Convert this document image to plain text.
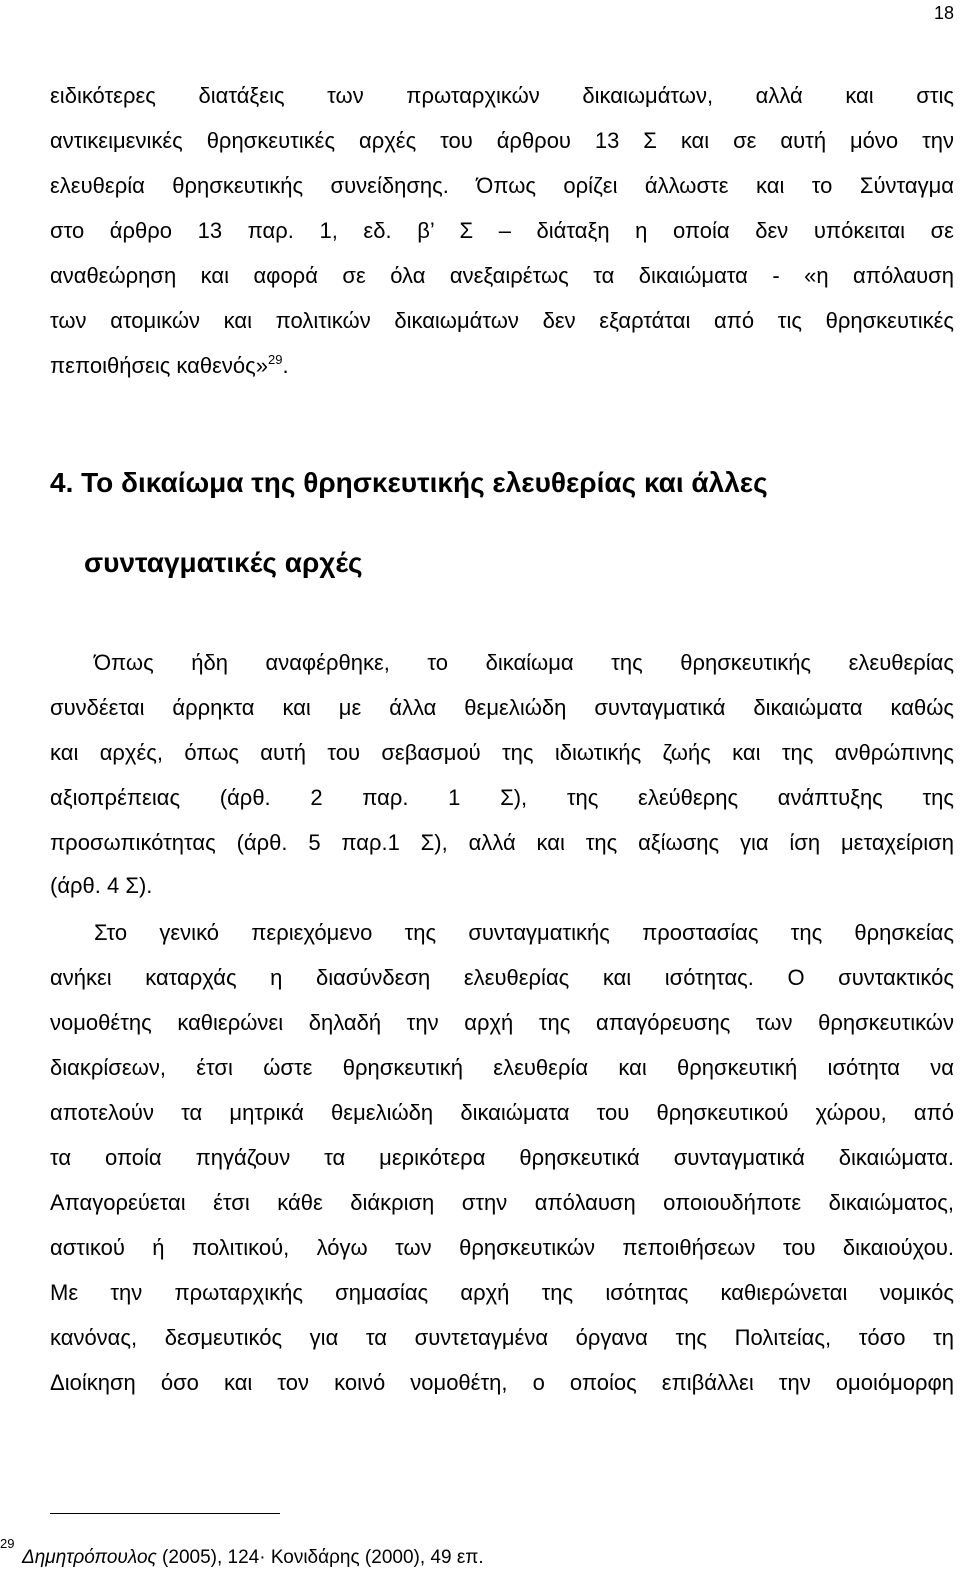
18
ειδικότερες διατάξεις των πρωταρχικών δικαιωμάτων, αλλά και στις
αντικειμενικές θρησκευτικές αρχές του άρθρου 13 Σ και σε αυτή μόνο την
ελευθερία θρησκευτικής συνείδησης. Όπως ορίζει άλλωστε και το Σύνταγμα
στο άρθρο 13 παρ. 1, εδ. β’ Σ – διάταξη η οποία δεν υπόκειται σε
αναθεώρηση και αφορά σε όλα ανεξαιρέτως τα δικαιώματα - «η απόλαυση
των ατομικών και πολιτικών δικαιωμάτων δεν εξαρτάται από τις θρησκευτικές
πεποιθήσεις καθενός»$^{29}$.
4. Το δικαίωμα της θρησκευτικής ελευθερίας και άλλες
συνταγματικές αρχές
Όπως ήδη αναφέρθηκε, το δικαίωμα της θρησκευτικής ελευθερίας
συνδέεται άρρηκτα και με άλλα θεμελιώδη συνταγματικά δικαιώματα καθώς
και αρχές, όπως αυτή του σεβασμού της ιδιωτικής ζωής και της ανθρώπινης
αξιοπρέπειας (άρθ. 2 παρ. 1 Σ), της ελεύθερης ανάπτυξης της
προσωπικότητας (άρθ. 5 παρ.1 Σ), αλλά και της αξίωσης για ίση μεταχείριση
(άρθ. 4 Σ).
Στο γενικό περιεχόμενο της συνταγματικής προστασίας της θρησκείας
ανήκει καταρχάς η διασύνδεση ελευθερίας και ισότητας. Ο συντακτικός
νομοθέτης καθιερώνει δηλαδή την αρχή της απαγόρευσης των θρησκευτικών
διακρίσεων, έτσι ώστε θρησκευτική ελευθερία και θρησκευτική ισότητα να
αποτελούν τα μητρικά θεμελιώδη δικαιώματα του θρησκευτικού χώρου, από
τα οποία πηγάζουν τα μερικότερα θρησκευτικά συνταγματικά δικαιώματα.
Απαγορεύεται έτσι κάθε διάκριση στην απόλαυση οποιουδήποτε δικαιώματος,
αστικού ή πολιτικού, λόγω των θρησκευτικών πεποιθήσεων του δικαιούχου.
Με την πρωταρχικής σημασίας αρχή της ισότητας καθιερώνεται νομικός
κανόνας, δεσμευτικός για τα συντεταγμένα όργανα της Πολιτείας, τόσο τη
Διοίκηση όσο και τον κοινό νομοθέτη, ο οποίος επιβάλλει την ομοιόμορφη
29
Δημητρόπουλος (2005), 124· Κονιδάρης (2000), 49 επ.
